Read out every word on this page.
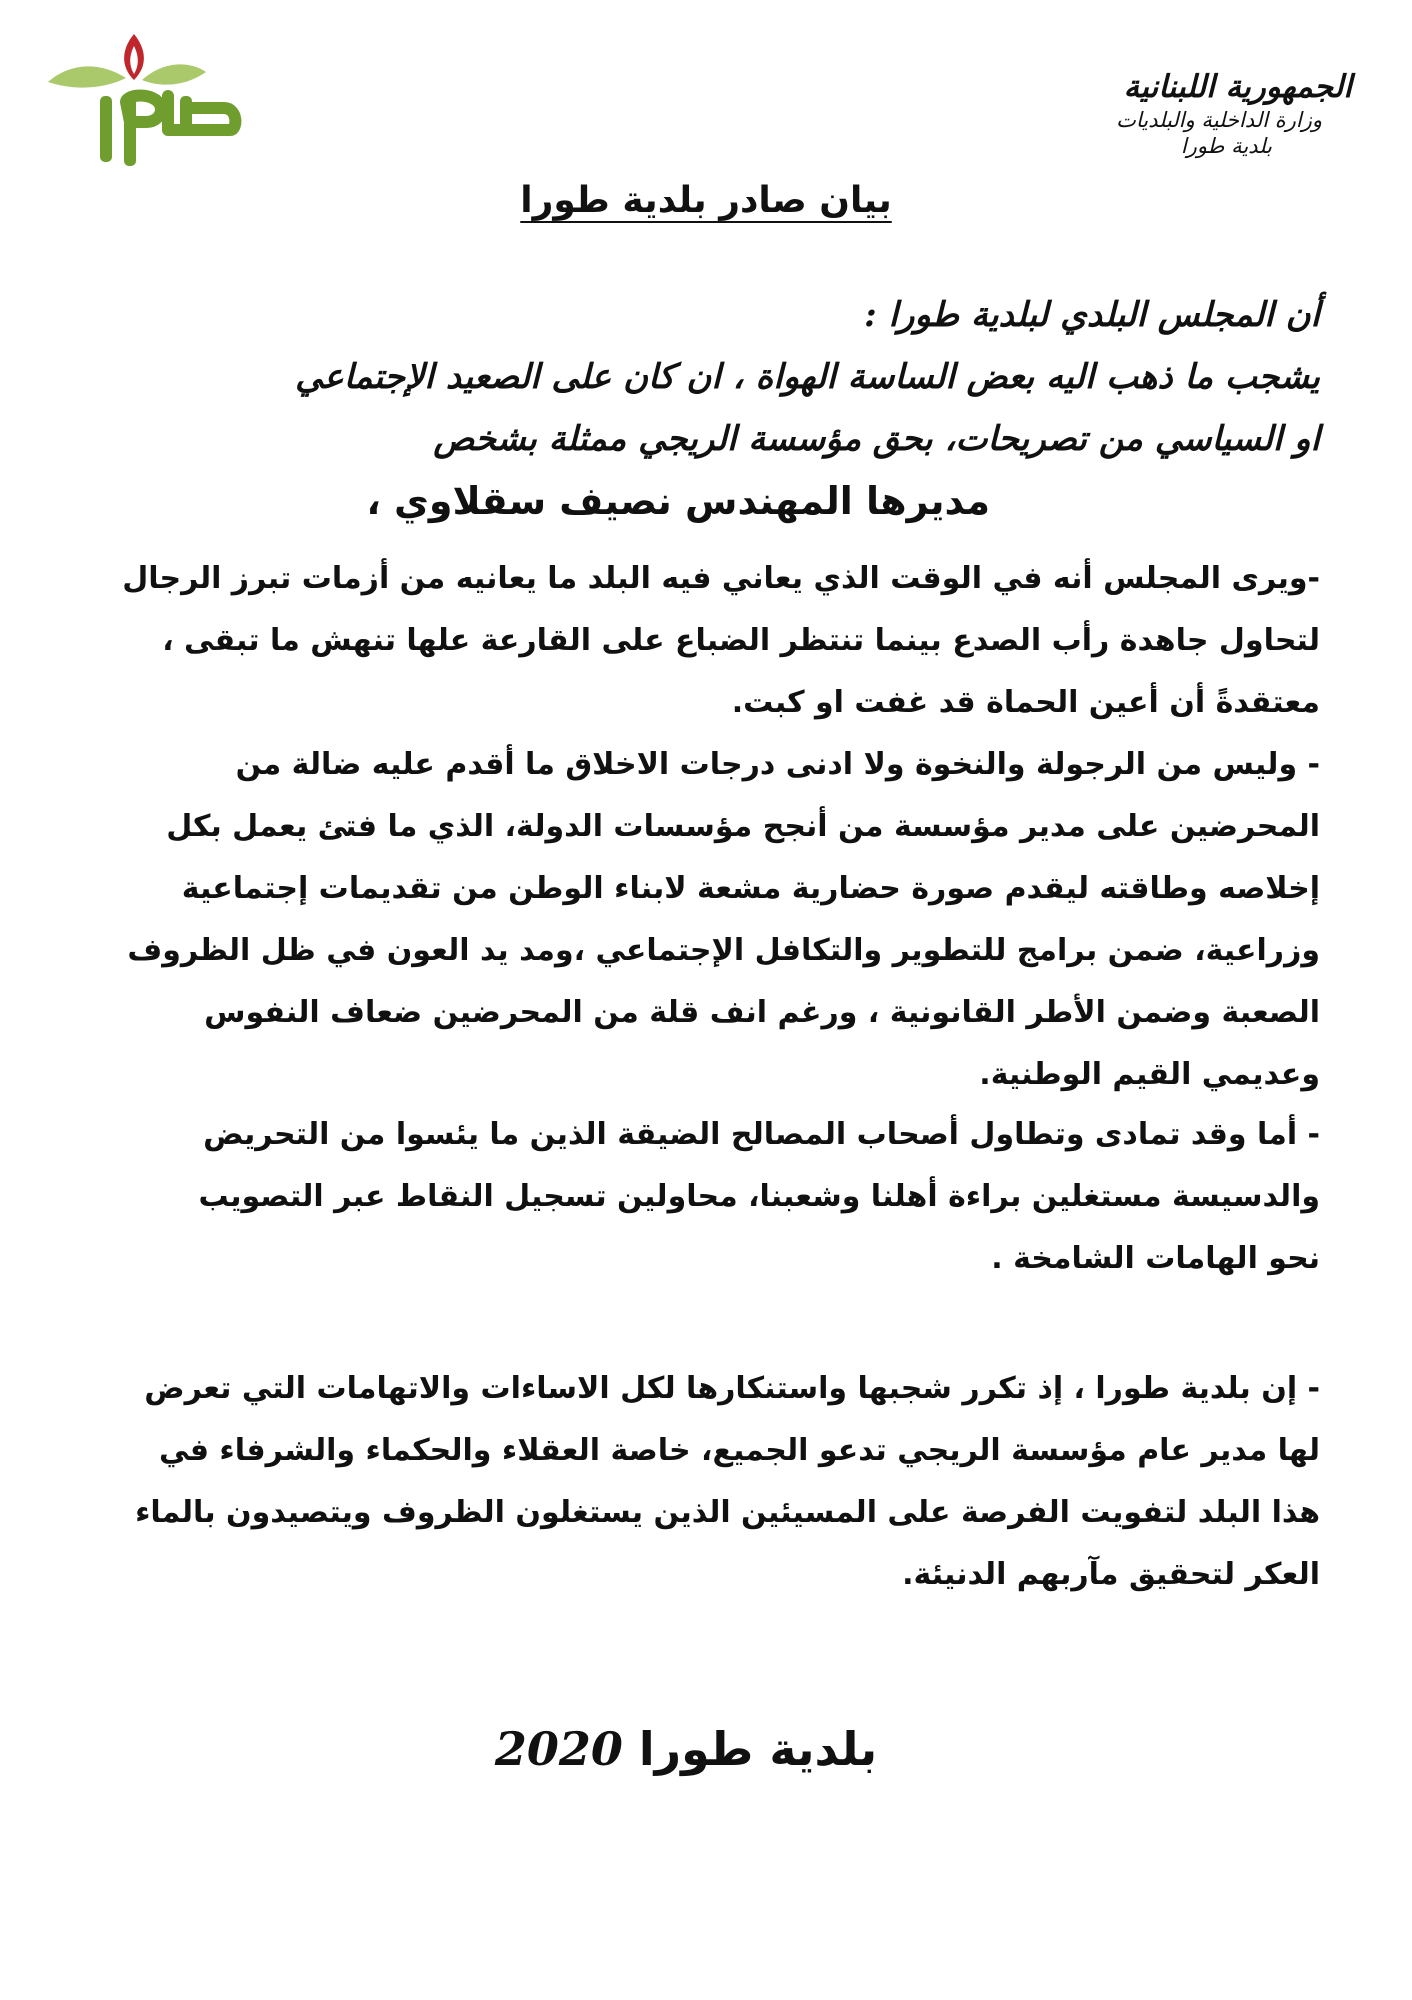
الجمهورية اللبنانية
وزارة الداخلية والبلديات
بلدية طورا
بيان صادر بلدية طورا
أن المجلس البلدي لبلدية طورا :
يشجب ما ذهب اليه بعض الساسة الهواة ، ان كان على الصعيد الإجتماعي
او السياسي من تصريحات، بحق مؤسسة الريجي ممثلة بشخص
مديرها المهندس نصيف سقلاوي ،
-ويرى المجلس أنه في الوقت الذي يعاني فيه البلد ما يعانيه من أزمات تبرز الرجال
لتحاول جاهدة رأب الصدع بينما تنتظر الضباع على القارعة علها تنهش ما تبقى ،
معتقدةً أن أعين الحماة قد غفت او كبت.
- وليس من الرجولة والنخوة ولا ادنى درجات الاخلاق ما أقدم عليه ضالة من
المحرضين على مدير مؤسسة من أنجح مؤسسات الدولة، الذي ما فتئ يعمل بكل
إخلاصه وطاقته ليقدم صورة حضارية مشعة لابناء الوطن من تقديمات إجتماعية
وزراعية، ضمن برامج للتطوير والتكافل الإجتماعي ،ومد يد العون في ظل الظروف
الصعبة وضمن الأطر القانونية ، ورغم انف قلة من المحرضين ضعاف النفوس
وعديمي القيم الوطنية.
- أما وقد تمادى وتطاول أصحاب المصالح الضيقة الذين ما يئسوا من التحريض
والدسيسة مستغلين براءة أهلنا وشعبنا، محاولين تسجيل النقاط عبر التصويب
نحو الهامات الشامخة .
- إن بلدية طورا ، إذ تكرر شجبها واستنكارها لكل الاساءات والاتهامات التي تعرض
لها مدير عام مؤسسة الريجي تدعو الجميع، خاصة العقلاء والحكماء والشرفاء في
هذا البلد لتفويت الفرصة على المسيئين الذين يستغلون الظروف ويتصيدون بالماء
العكر لتحقيق مآربهم الدنيئة.
بلدية طورا 2020
